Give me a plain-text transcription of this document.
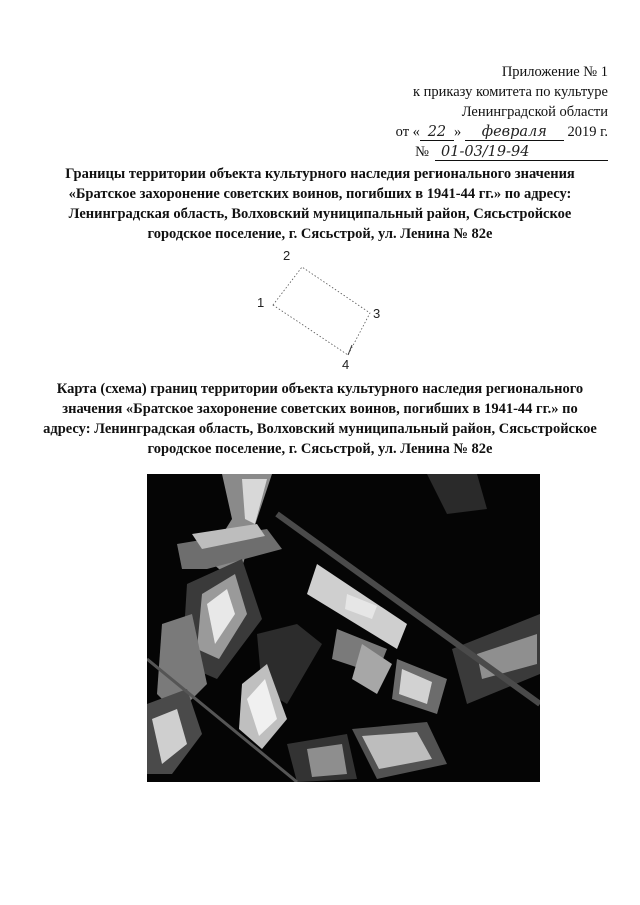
Приложение № 1
к приказу комитета по культуре
Ленинградской области
от « 22 » февраля 2019 г.
№ 01-03/19-94
Границы территории объекта культурного наследия регионального значения «Братское захоронение советских воинов, погибших в 1941-44 гг.» по адресу: Ленинградская область, Волховский муниципальный район, Сясьстройское городское поселение, г. Сясьстрой, ул. Ленина № 82е
1
2
3
4
Карта (схема) границ территории объекта культурного наследия регионального значения «Братское захоронение советских воинов, погибших в 1941-44 гг.» по адресу: Ленинградская область, Волховский муниципальный район, Сясьстройское городское поселение, г. Сясьстрой, ул. Ленина № 82е
